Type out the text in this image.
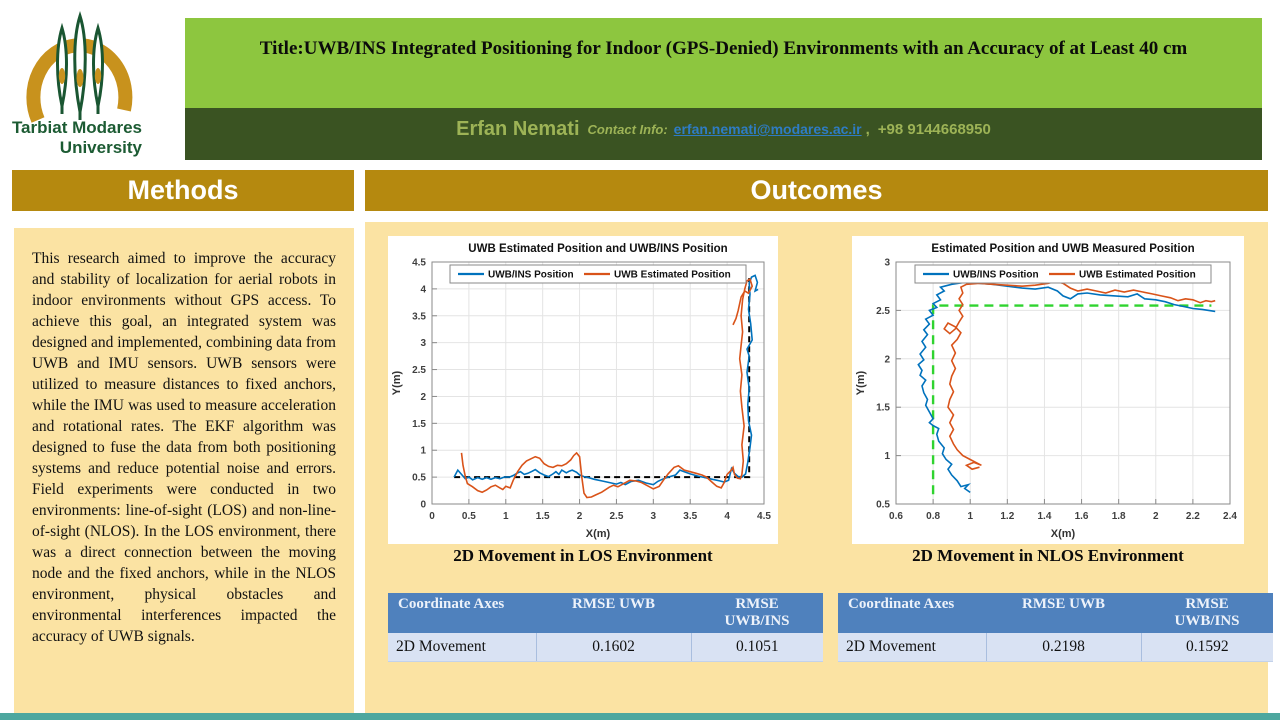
Tarbiat Modares
University
Title:UWB/INS Integrated Positioning for Indoor (GPS-Denied) Environments with an Accuracy of at Least 40 cm
Erfan Nemati Contact Info: erfan.nemati@modares.ac.ir , +98 9144668950
Methods	Outcomes

This research aimed to improve the accuracy and stability of localization for aerial robots in indoor environments without GPS access. To achieve this goal, an integrated system was designed and implemented, combining data from UWB and IMU sensors. UWB sensors were utilized to measure distances to fixed anchors, while the IMU was used to measure acceleration and rotational rates. The EKF algorithm was designed to fuse the data from both positioning systems and reduce potential noise and errors. Field experiments were conducted in two environments: line-of-sight (LOS) and non-line-of-sight (NLOS). In the LOS environment, there was a direct connection between the moving node and the fixed anchors, while in the NLOS environment, physical obstacles and environmental interferences impacted the accuracy of UWB signals.

0	0.5	1	1.5	2	2.5	3	3.5	4	4.5
0
0.5
1
1.5
2
2.5
3
3.5
4
4.5
UWB Estimated Position and UWB/INS Position
X(m)
Y(m)
UWB/INS Position	UWB Estimated Position
0.6 0.8	1	1.2 1.4 1.6 1.8	2	2.2 2.4
0.5
1
1.5
2
2.5
3
Estimated Position and UWB Measured Position
X(m)
Y(m)
UWB/INS Position	UWB Estimated Position
2D Movement in LOS Environment	2D Movement in NLOS Environment
Coordinate Axes	RMSE UWB	RMSE UWB/INS
2D Movement	0.1602	0.1051
Coordinate Axes	RMSE UWB	RMSE UWB/INS
2D Movement	0.2198	0.1592
